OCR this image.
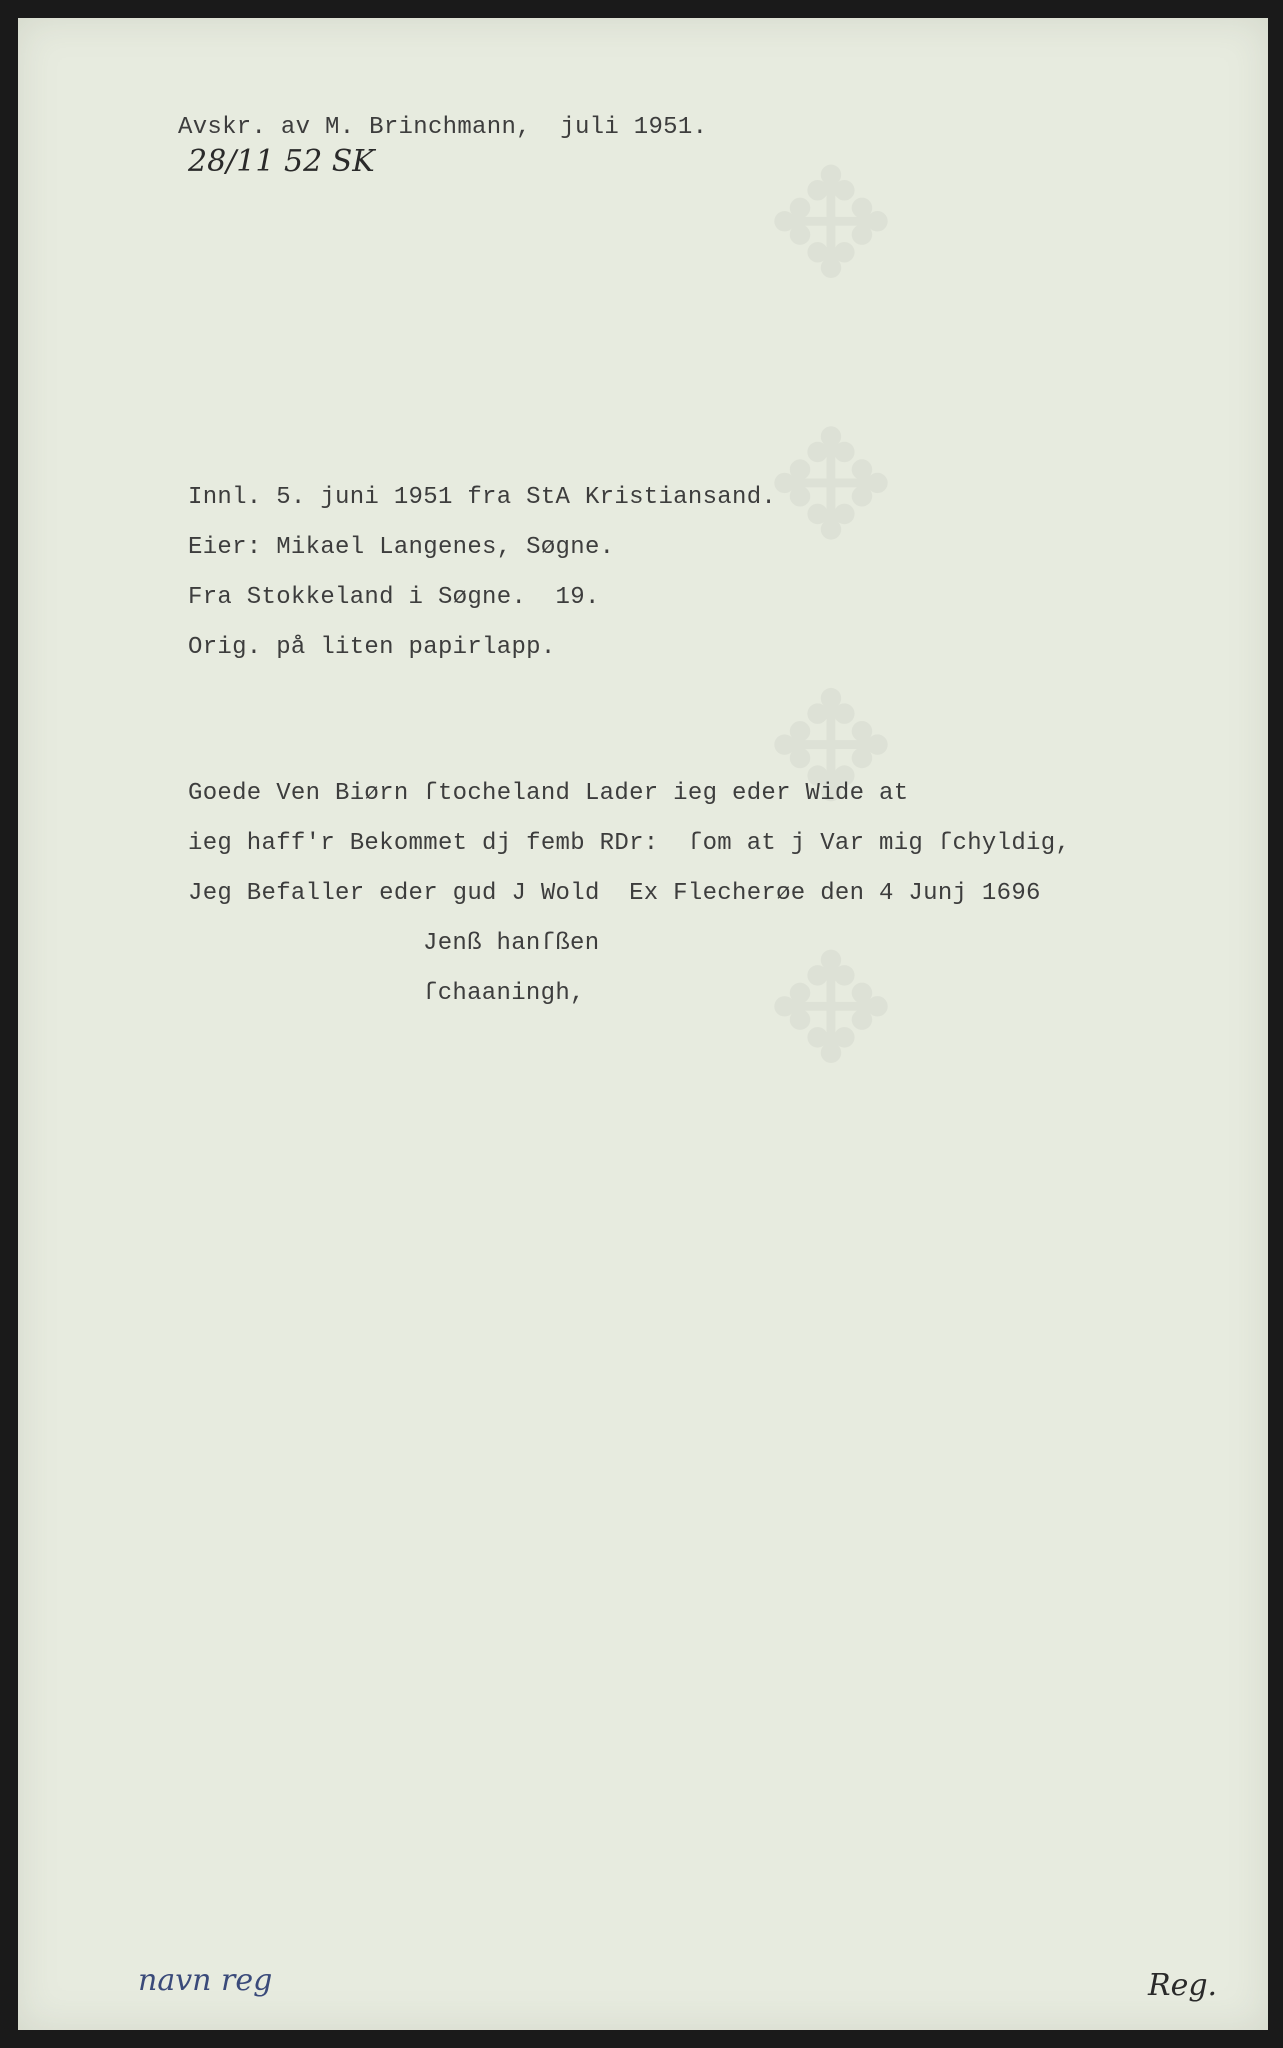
✥ ✥ ✥ ✥
Avskr. av M. Brinchmann,  juli 1951.
28/11 52 SK
Innl. 5. juni 1951 fra StA Kristiansand.
Eier: Mikael Langenes, Søgne.
Fra Stokkeland i Søgne.  19.
Orig. på liten papirlapp.
Goede Ven Biørn ſtocheland Lader ieg eder Wide at
ieg haff'r Bekommet dj femb RDr:  ſom at j Var mig ſchyldig,
Jeg Befaller eder gud J Wold  Ex Flecherøe den 4 Junj 1696
Jenß hanſßen
ſchaaningh,
navn reg	Reg.
